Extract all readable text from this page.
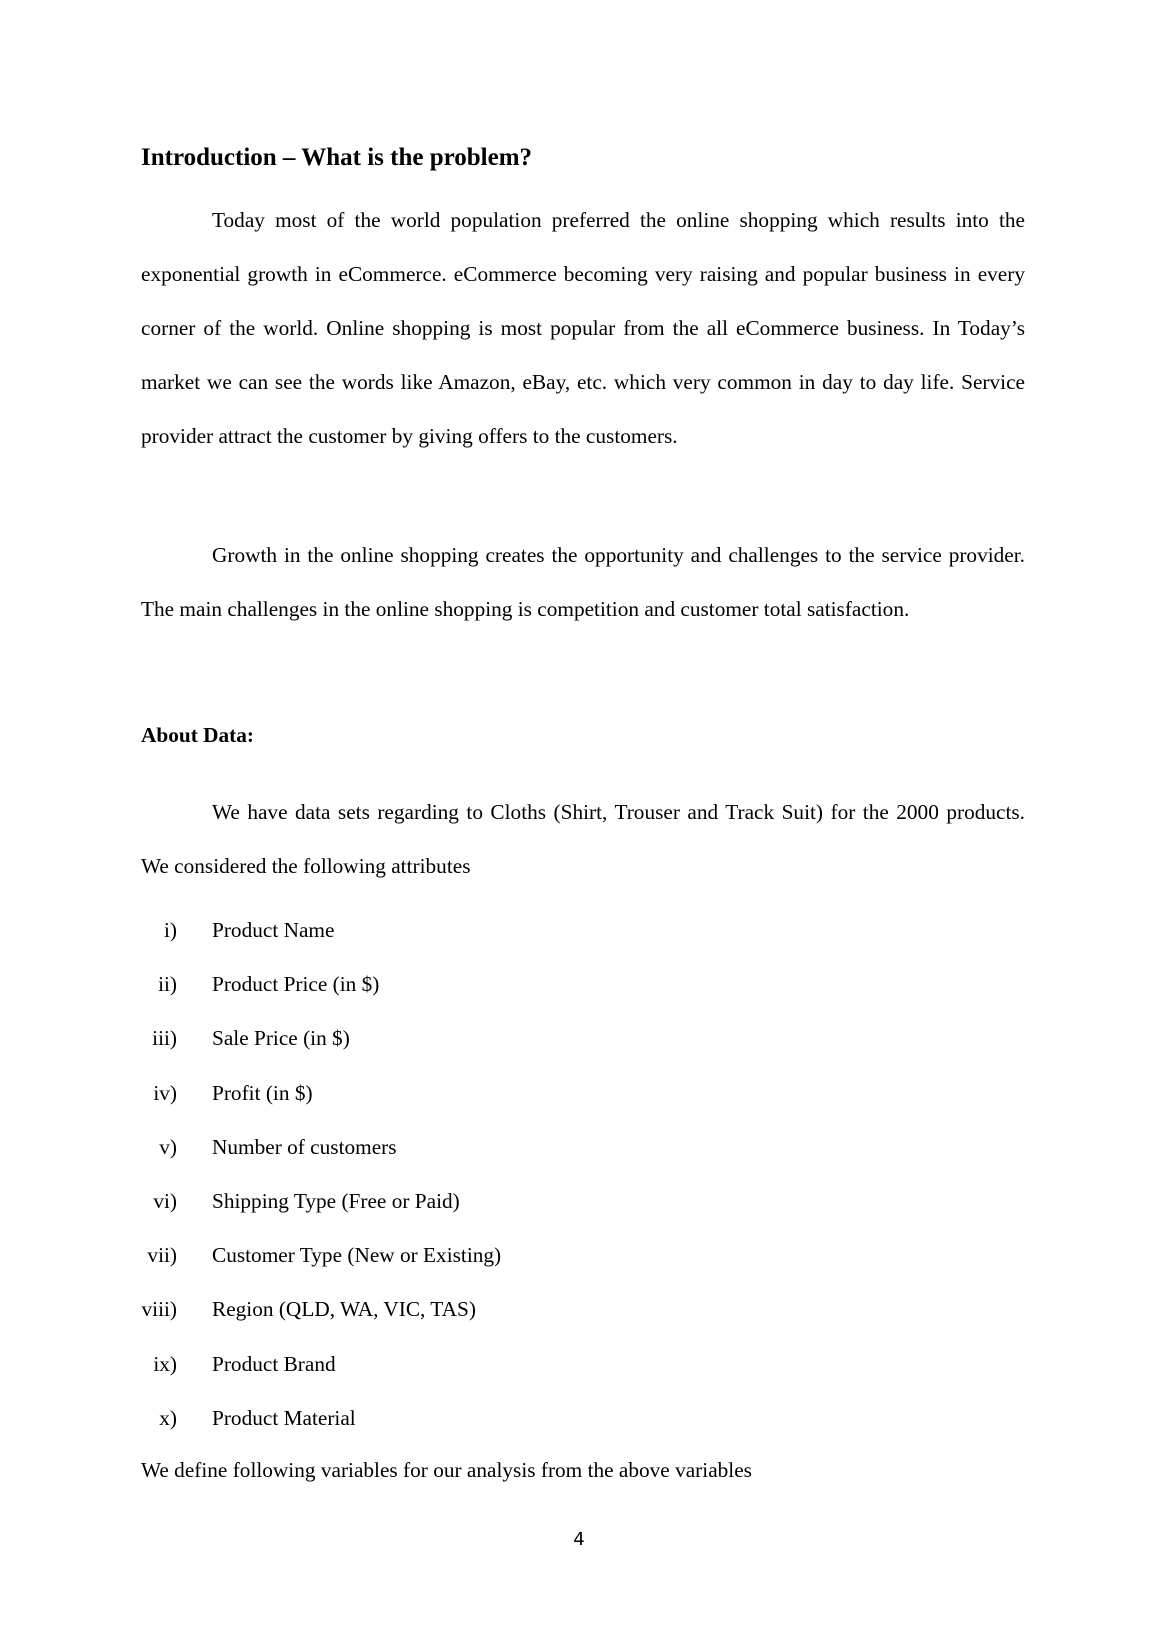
Introduction – What is the problem?

Today most of the world population preferred the online shopping which results into the exponential growth in eCommerce. eCommerce becoming very raising and popular business in every corner of the world. Online shopping is most popular from the all eCommerce business. In Today’s market we can see the words like Amazon, eBay, etc. which very common in day to day life. Service provider attract the customer by giving offers to the customers.

Growth in the online shopping creates the opportunity and challenges to the service provider. The main challenges in the online shopping is competition and customer total satisfaction.

About Data:

We have data sets regarding to Cloths (Shirt, Trouser and Track Suit) for the 2000 products. We considered the following attributes

i) Product Name
ii) Product Price (in $)
iii) Sale Price (in $)
iv) Profit (in $)
v) Number of customers
vi) Shipping Type (Free or Paid)
vii) Customer Type (New or Existing)
viii) Region (QLD, WA, VIC, TAS)
ix) Product Brand
x) Product Material

We define following variables for our analysis from the above variables

4
